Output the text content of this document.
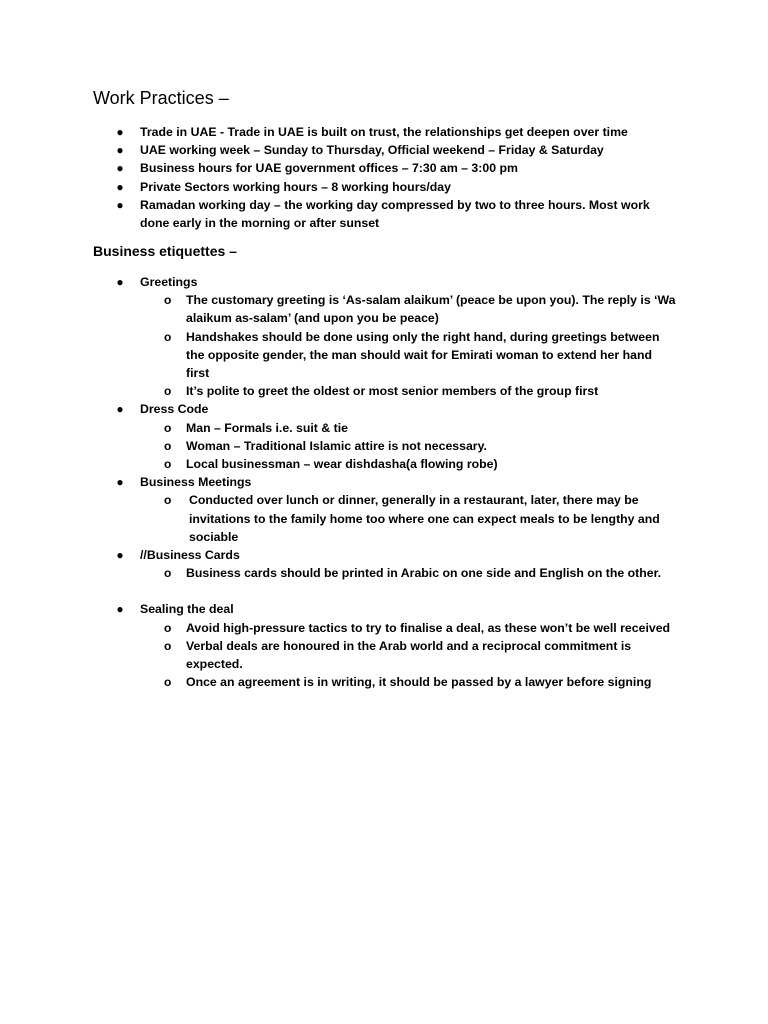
Work Practices –
● Trade in UAE - Trade in UAE is built on trust, the relationships get deepen over time
● UAE working week – Sunday to Thursday, Official weekend – Friday & Saturday
● Business hours for UAE government offices – 7:30 am – 3:00 pm
● Private Sectors working hours – 8 working hours/day
● Ramadan working day – the working day compressed by two to three hours. Most work done early in the morning or after sunset
Business etiquettes –
● Greetings
o The customary greeting is ‘As-salam alaikum’ (peace be upon you). The reply is ‘Wa alaikum as-salam’ (and upon you be peace)
o Handshakes should be done using only the right hand, during greetings between the opposite gender, the man should wait for Emirati woman to extend her hand first
o It’s polite to greet the oldest or most senior members of the group first
● Dress Code
o Man – Formals i.e. suit & tie
o Woman – Traditional Islamic attire is not necessary.
o Local businessman – wear dishdasha(a flowing robe)
● Business Meetings
o Conducted over lunch or dinner, generally in a restaurant, later, there may be invitations to the family home too where one can expect meals to be lengthy and sociable
● //Business Cards
o Business cards should be printed in Arabic on one side and English on the other.
● Sealing the deal
o Avoid high-pressure tactics to try to finalise a deal, as these won’t be well received
o Verbal deals are honoured in the Arab world and a reciprocal commitment is expected.
o Once an agreement is in writing, it should be passed by a lawyer before signing
